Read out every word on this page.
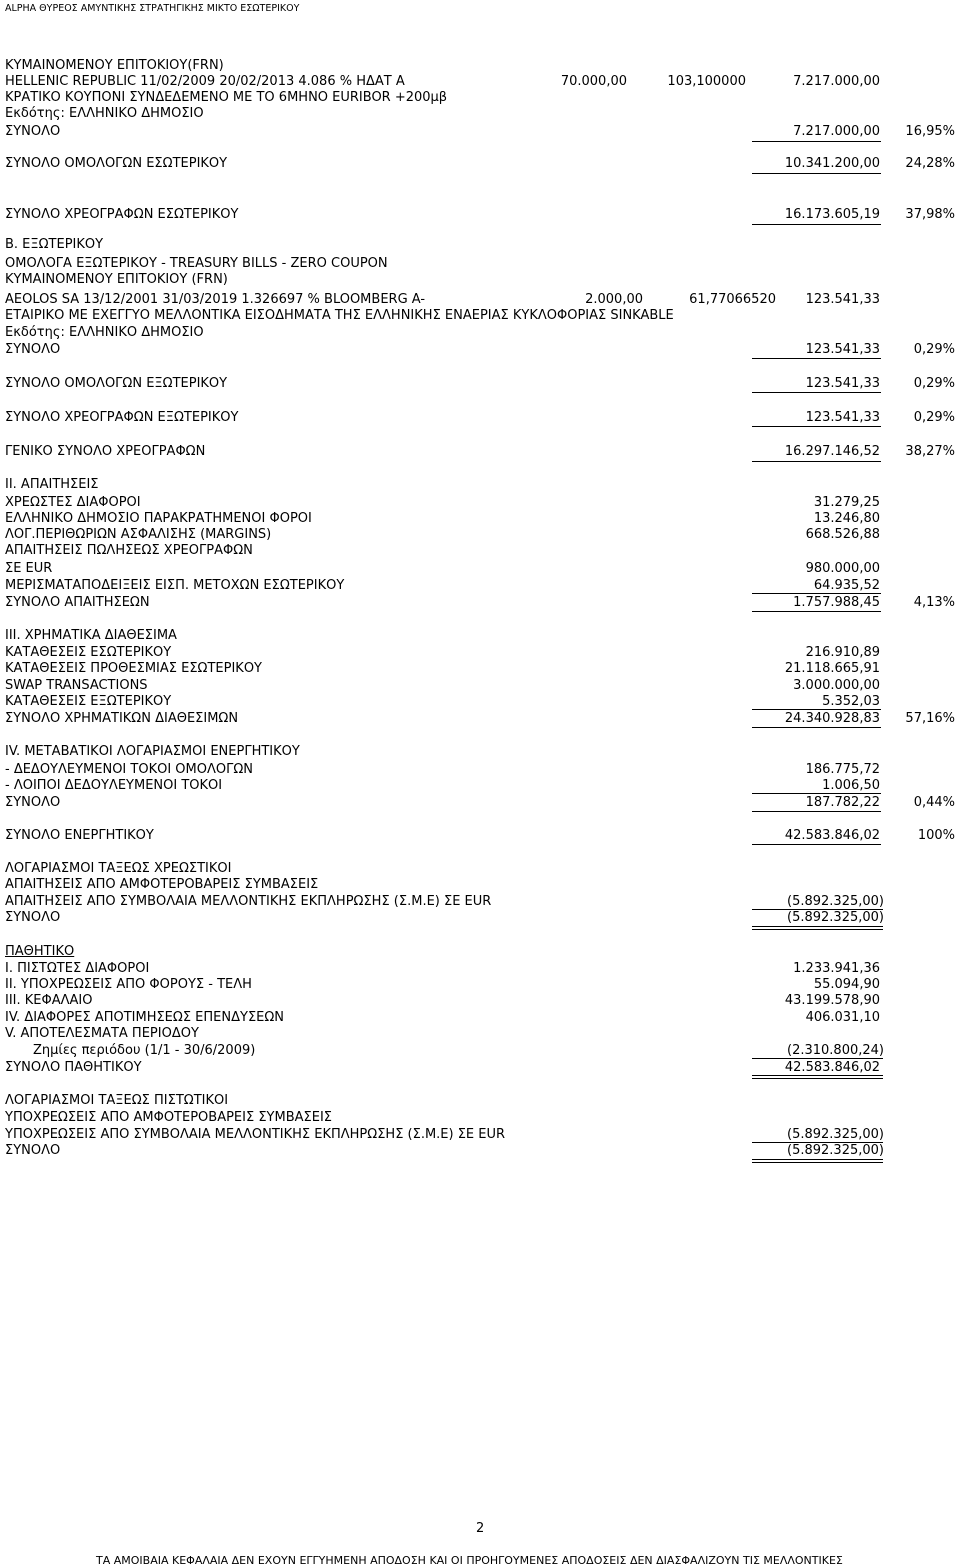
ALPHA ΘΥΡΕΟΣ ΑΜΥΝΤΙΚΗΣ ΣΤΡΑΤΗΓΙΚΗΣ ΜΙΚΤΟ ΕΣΩΤΕΡΙΚΟΥ
ΚΥΜΑΙΝΟΜΕΝΟΥ ΕΠΙΤΟΚΙΟΥ(FRN)
HELLENIC REPUBLIC 11/02/2009 20/02/2013 4.086 % ΗΔΑΤ Α	70.000,00	103,100000	7.217.000,00
ΚΡΑΤΙΚΟ ΚΟΥΠΟΝΙ ΣΥΝΔΕΔΕΜΕΝΟ ΜΕ ΤΟ 6ΜΗΝΟ EURIBOR +200μβ
Εκδότης: ΕΛΛΗΝΙΚΟ ΔΗΜΟΣΙΟ
ΣΥΝΟΛΟ	7.217.000,00 16,95%
ΣΥΝΟΛΟ ΟΜΟΛΟΓΩΝ ΕΣΩΤΕΡΙΚΟΥ	10.341.200,00 24,28%
ΣΥΝΟΛΟ ΧΡΕΟΓΡΑΦΩΝ ΕΣΩΤΕΡΙΚΟΥ	16.173.605,19 37,98%
Β. ΕΞΩΤΕΡΙΚΟΥ
ΟΜΟΛΟΓΑ ΕΞΩΤΕΡΙΚΟΥ - TREASURY BILLS - ZERO COUPON
ΚΥΜΑΙΝΟΜΕΝΟΥ ΕΠΙΤΟΚΙΟΥ (FRN)
AEOLOS SA 13/12/2001 31/03/2019 1.326697 % BLOOMBERG A-	2.000,00	61,77066520 123.541,33
ΕΤΑΙΡΙΚΟ ΜΕ ΕΧΕΓΓΥΟ ΜΕΛΛΟΝΤΙΚΑ ΕΙΣΟΔΗΜΑΤΑ ΤΗΣ ΕΛΛΗΝΙΚΗΣ ΕΝΑΕΡΙΑΣ ΚΥΚΛΟΦΟΡΙΑΣ SINKABLE
Εκδότης: ΕΛΛΗΝΙΚΟ ΔΗΜΟΣΙΟ
ΣΥΝΟΛΟ	123.541,33	0,29%
ΣΥΝΟΛΟ ΟΜΟΛΟΓΩΝ ΕΞΩΤΕΡΙΚΟΥ	123.541,33	0,29%
ΣΥΝΟΛΟ ΧΡΕΟΓΡΑΦΩΝ ΕΞΩΤΕΡΙΚΟΥ	123.541,33	0,29%
ΓΕΝΙΚΟ ΣΥΝΟΛΟ ΧΡΕΟΓΡΑΦΩΝ	16.297.146,52 38,27%
ΙΙ. ΑΠΑΙΤΗΣΕΙΣ
ΧΡΕΩΣΤΕΣ ΔΙΑΦΟΡΟΙ	31.279,25
ΕΛΛΗΝΙΚΟ ΔΗΜΟΣΙΟ ΠΑΡΑΚΡΑΤΗΜΕΝΟΙ ΦΟΡΟΙ	13.246,80
ΛΟΓ.ΠΕΡΙΘΩΡΙΩΝ ΑΣΦΑΛΙΣΗΣ (MARGINS)	668.526,88
ΑΠΑΙΤΗΣΕΙΣ ΠΩΛΗΣΕΩΣ ΧΡΕΟΓΡΑΦΩΝ
ΣΕ EUR	980.000,00
ΜΕΡΙΣΜΑΤΑΠΟΔΕΙΞΕΙΣ ΕΙΣΠ. ΜΕΤΟΧΩΝ ΕΣΩΤΕΡΙΚΟΥ	64.935,52
ΣΥΝΟΛΟ ΑΠΑΙΤΗΣΕΩΝ	1.757.988,45	4,13%
ΙΙΙ. ΧΡΗΜΑΤΙΚΑ ΔΙΑΘΕΣΙΜΑ
ΚΑΤΑΘΕΣΕΙΣ ΕΣΩΤΕΡΙΚΟΥ	216.910,89
ΚΑΤΑΘΕΣΕΙΣ ΠΡΟΘΕΣΜΙΑΣ ΕΣΩΤΕΡΙΚΟΥ	21.118.665,91
SWAP TRANSACTIONS	3.000.000,00
ΚΑΤΑΘΕΣΕΙΣ ΕΞΩΤΕΡΙΚΟΥ	5.352,03
ΣΥΝΟΛΟ ΧΡΗΜΑΤΙΚΩΝ ΔΙΑΘΕΣΙΜΩΝ	24.340.928,83 57,16%
ΙV. ΜΕΤΑΒΑΤΙΚΟΙ ΛΟΓΑΡΙΑΣΜΟΙ ΕΝΕΡΓΗΤΙΚΟΥ
- ΔΕΔΟΥΛΕΥΜΕΝΟΙ ΤΟΚΟΙ ΟΜΟΛΟΓΩΝ	186.775,72
- ΛΟΙΠΟΙ ΔΕΔΟΥΛΕΥΜΕΝΟΙ ΤΟΚΟΙ	1.006,50
ΣΥΝΟΛΟ	187.782,22	0,44%
ΣΥΝΟΛΟ ΕΝΕΡΓΗΤΙΚΟΥ	42.583.846,02	100%
ΛΟΓΑΡΙΑΣΜΟΙ ΤΑΞΕΩΣ ΧΡΕΩΣΤΙΚΟΙ
ΑΠΑΙΤΗΣΕΙΣ ΑΠΟ ΑΜΦΟΤΕΡΟΒΑΡΕΙΣ ΣΥΜΒΑΣΕΙΣ
ΑΠΑΙΤΗΣΕΙΣ ΑΠΟ ΣΥΜΒΟΛΑΙΑ ΜΕΛΛΟΝΤΙΚΗΣ ΕΚΠΛΗΡΩΣΗΣ (Σ.Μ.Ε) ΣΕ EUR	(5.892.325,00)
ΣΥΝΟΛΟ	(5.892.325,00)
ΠΑΘΗΤΙΚΟ
Ι. ΠΙΣΤΩΤΕΣ ΔΙΑΦΟΡΟΙ	1.233.941,36
ΙΙ. ΥΠΟΧΡΕΩΣΕΙΣ ΑΠΟ ΦΟΡΟΥΣ - ΤΕΛΗ	55.094,90
ΙΙΙ. ΚΕΦΑΛΑΙΟ	43.199.578,90
ΙV. ΔΙΑΦΟΡΕΣ ΑΠΟΤΙΜΗΣΕΩΣ ΕΠΕΝΔΥΣΕΩΝ	406.031,10
V. ΑΠΟΤΕΛΕΣΜΑΤΑ ΠΕΡΙΟΔΟΥ
Ζημίες περιόδου (1/1 - 30/6/2009)	(2.310.800,24)
ΣΥΝΟΛΟ ΠΑΘΗΤΙΚΟΥ	42.583.846,02
ΛΟΓΑΡΙΑΣΜΟΙ ΤΑΞΕΩΣ ΠΙΣΤΩΤΙΚΟΙ
ΥΠΟΧΡΕΩΣΕΙΣ ΑΠΟ ΑΜΦΟΤΕΡΟΒΑΡΕΙΣ ΣΥΜΒΑΣΕΙΣ
ΥΠΟΧΡΕΩΣΕΙΣ ΑΠΟ ΣΥΜΒΟΛΑΙΑ ΜΕΛΛΟΝΤΙΚΗΣ ΕΚΠΛΗΡΩΣΗΣ (Σ.Μ.Ε) ΣΕ EUR	(5.892.325,00)
ΣΥΝΟΛΟ	(5.892.325,00)
2
ΤΑ ΑΜΟΙΒΑΙΑ ΚΕΦΑΛΑΙΑ ΔΕΝ ΕΧΟΥΝ ΕΓΓΥΗΜΕΝΗ ΑΠΟΔΟΣΗ ΚΑΙ ΟΙ ΠΡΟΗΓΟΥΜΕΝΕΣ ΑΠΟΔΟΣΕΙΣ ΔΕΝ ΔΙΑΣΦΑΛΙΖΟΥΝ ΤΙΣ ΜΕΛΛΟΝΤΙΚΕΣ
